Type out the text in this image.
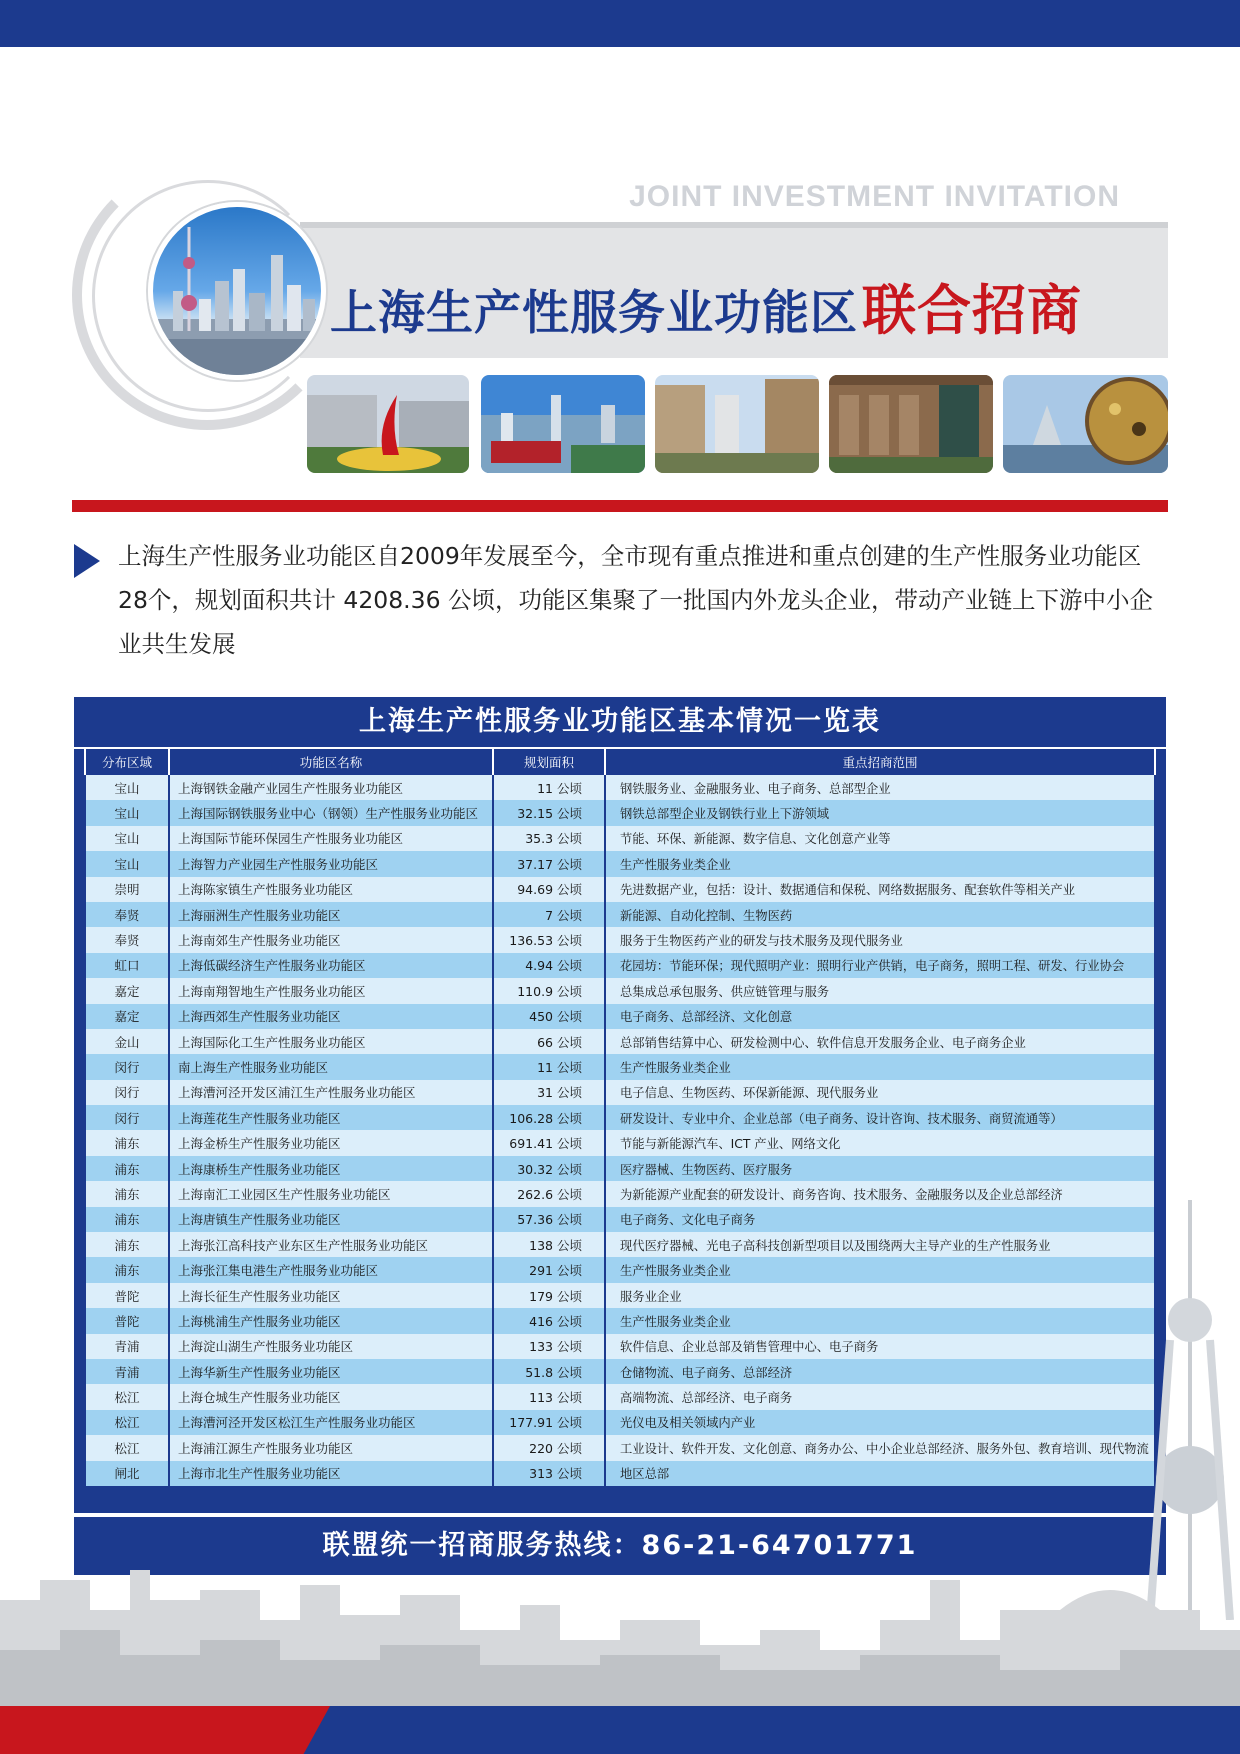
JOINT INVESTMENT INVITATION
上海生产性服务业功能区联合招商
上海生产性服务业功能区自2009年发展至今，全市现有重点推进和重点创建的生产性服务业功能区28个，规划面积共计 4208.36 公顷，功能区集聚了一批国内外龙头企业，带动产业链上下游中小企业共生发展
上海生产性服务业功能区基本情况一览表
分布区域	功能区名称	规划面积	重点招商范围
宝山	上海钢铁金融产业园生产性服务业功能区	11 公顷	钢铁服务业、金融服务业、电子商务、总部型企业
宝山	上海国际钢铁服务业中心（钢领）生产性服务业功能区	32.15 公顷	钢铁总部型企业及钢铁行业上下游领域
宝山	上海国际节能环保园生产性服务业功能区	35.3 公顷	节能、环保、新能源、数字信息、文化创意产业等
宝山	上海智力产业园生产性服务业功能区	37.17 公顷	生产性服务业类企业
崇明	上海陈家镇生产性服务业功能区	94.69 公顷	先进数据产业，包括：设计、数据通信和保税、网络数据服务、配套软件等相关产业
奉贤	上海丽洲生产性服务业功能区	7 公顷	新能源、自动化控制、生物医药
奉贤	上海南郊生产性服务业功能区	136.53 公顷	服务于生物医药产业的研发与技术服务及现代服务业
虹口	上海低碳经济生产性服务业功能区	4.94 公顷	花园坊：节能环保；现代照明产业：照明行业产供销，电子商务，照明工程、研发、行业协会
嘉定	上海南翔智地生产性服务业功能区	110.9 公顷	总集成总承包服务、供应链管理与服务
嘉定	上海西郊生产性服务业功能区	450 公顷	电子商务、总部经济、文化创意
金山	上海国际化工生产性服务业功能区	66 公顷	总部销售结算中心、研发检测中心、软件信息开发服务企业、电子商务企业
闵行	南上海生产性服务业功能区	11 公顷	生产性服务业类企业
闵行	上海漕河泾开发区浦江生产性服务业功能区	31 公顷	电子信息、生物医药、环保新能源、现代服务业
闵行	上海莲花生产性服务业功能区	106.28 公顷	研发设计、专业中介、企业总部（电子商务、设计咨询、技术服务、商贸流通等）
浦东	上海金桥生产性服务业功能区	691.41 公顷	节能与新能源汽车、ICT 产业、网络文化
浦东	上海康桥生产性服务业功能区	30.32 公顷	医疗器械、生物医药、医疗服务
浦东	上海南汇工业园区生产性服务业功能区	262.6 公顷	为新能源产业配套的研发设计、商务咨询、技术服务、金融服务以及企业总部经济
浦东	上海唐镇生产性服务业功能区	57.36 公顷	电子商务、文化电子商务
浦东	上海张江高科技产业东区生产性服务业功能区	138 公顷	现代医疗器械、光电子高科技创新型项目以及围绕两大主导产业的生产性服务业
浦东	上海张江集电港生产性服务业功能区	291 公顷	生产性服务业类企业
普陀	上海长征生产性服务业功能区	179 公顷	服务业企业
普陀	上海桃浦生产性服务业功能区	416 公顷	生产性服务业类企业
青浦	上海淀山湖生产性服务业功能区	133 公顷	软件信息、企业总部及销售管理中心、电子商务
青浦	上海华新生产性服务业功能区	51.8 公顷	仓储物流、电子商务、总部经济
松江	上海仓城生产性服务业功能区	113 公顷	高端物流、总部经济、电子商务
松江	上海漕河泾开发区松江生产性服务业功能区	177.91 公顷	光仪电及相关领域内产业
松江	上海浦江源生产性服务业功能区	220 公顷	工业设计、软件开发、文化创意、商务办公、中小企业总部经济、服务外包、教育培训、现代物流
闸北	上海市北生产性服务业功能区	313 公顷	地区总部
联盟统一招商服务热线：86-21-64701771
